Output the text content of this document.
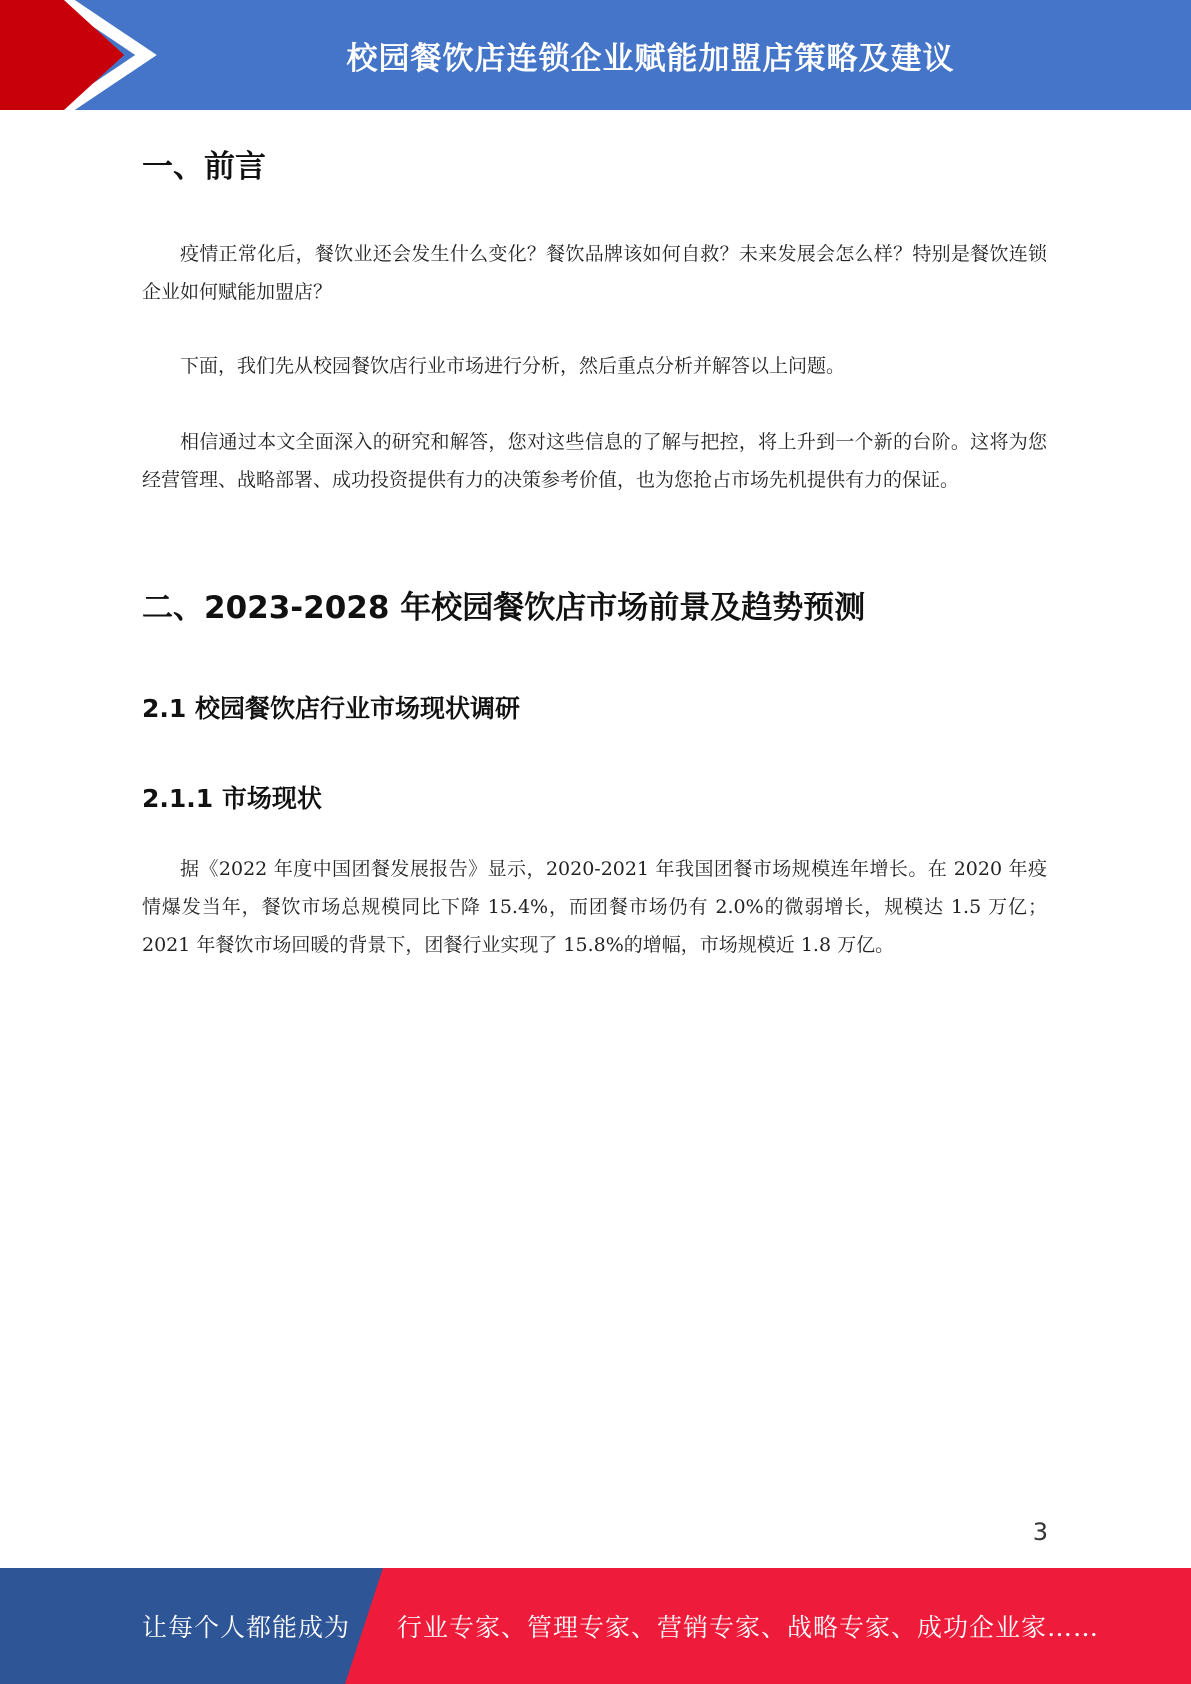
校园餐饮店连锁企业赋能加盟店策略及建议
一、前言

疫情正常化后，餐饮业还会发生什么变化？餐饮品牌该如何自救？未来发展会怎么样？特别是餐饮连锁企业如何赋能加盟店？

下面，我们先从校园餐饮店行业市场进行分析，然后重点分析并解答以上问题。

相信通过本文全面深入的研究和解答，您对这些信息的了解与把控，将上升到一个新的台阶。这将为您经营管理、战略部署、成功投资提供有力的决策参考价值，也为您抢占市场先机提供有力的保证。

二、2023-2028 年校园餐饮店市场前景及趋势预测
2.1 校园餐饮店行业市场现状调研
2.1.1 市场现状

据《2022 年度中国团餐发展报告》显示，2020-2021 年我国团餐市场规模连年增长。在 2020 年疫情爆发当年，餐饮市场总规模同比下降 15.4%，而团餐市场仍有 2.0%的微弱增长，规模达 1.5 万亿；2021 年餐饮市场回暖的背景下，团餐行业实现了 15.8%的增幅，市场规模近 1.8 万亿。

3
让每个人都能成为 行业专家、管理专家、营销专家、战略专家、成功企业家……
